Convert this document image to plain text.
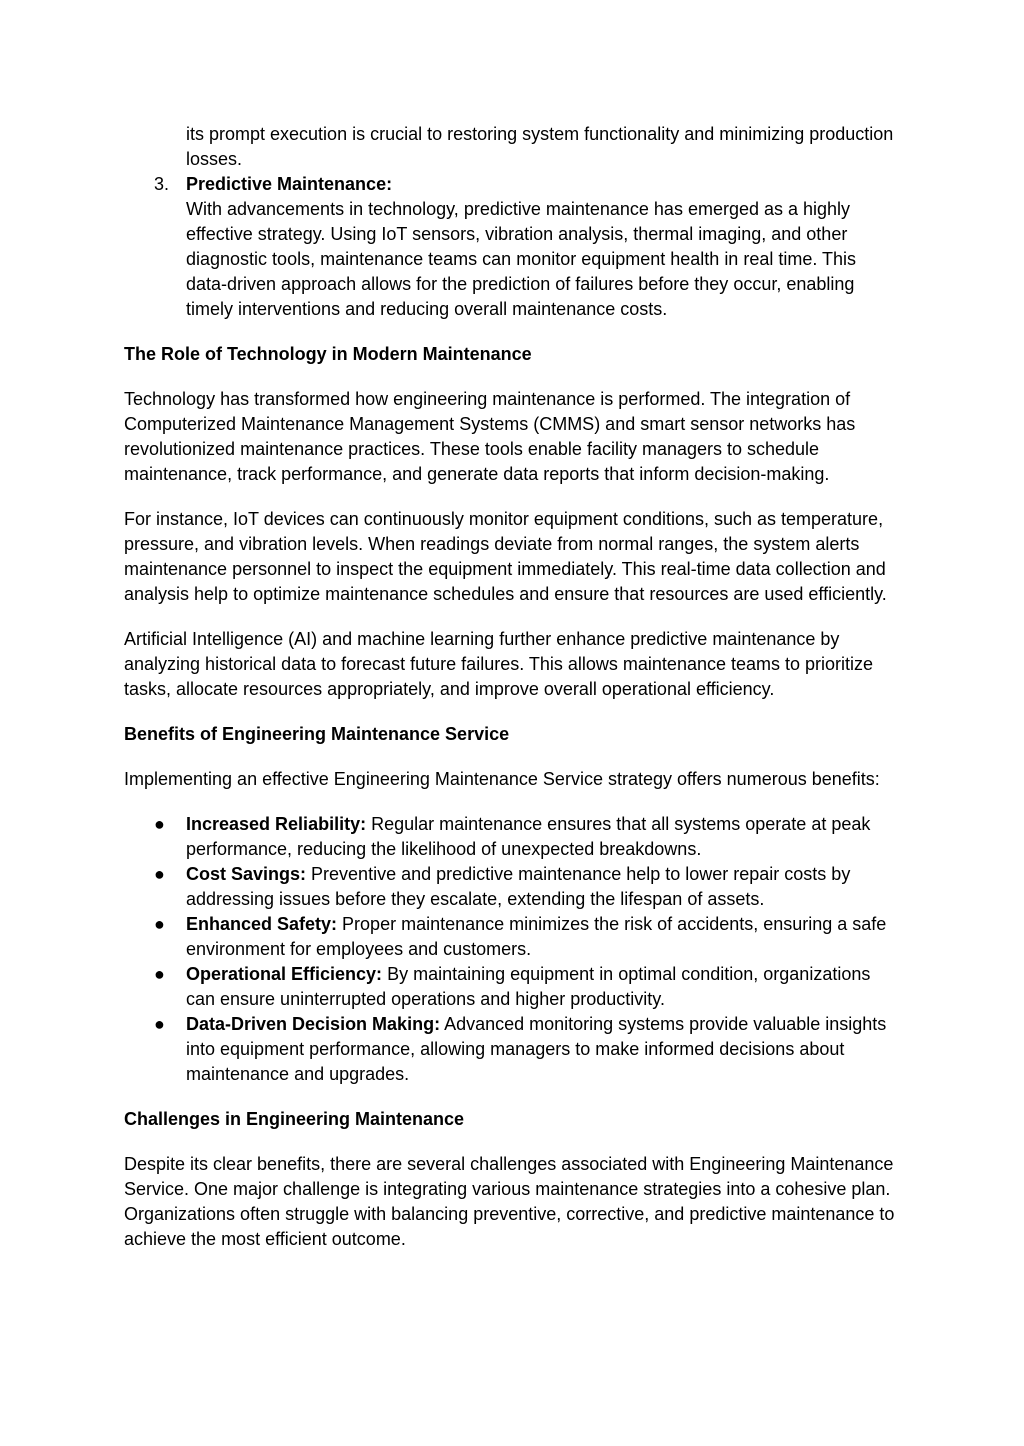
its prompt execution is crucial to restoring system functionality and minimizing production losses.
3. Predictive Maintenance:
With advancements in technology, predictive maintenance has emerged as a highly effective strategy. Using IoT sensors, vibration analysis, thermal imaging, and other diagnostic tools, maintenance teams can monitor equipment health in real time. This data-driven approach allows for the prediction of failures before they occur, enabling timely interventions and reducing overall maintenance costs.
The Role of Technology in Modern Maintenance
Technology has transformed how engineering maintenance is performed. The integration of Computerized Maintenance Management Systems (CMMS) and smart sensor networks has revolutionized maintenance practices. These tools enable facility managers to schedule maintenance, track performance, and generate data reports that inform decision-making.
For instance, IoT devices can continuously monitor equipment conditions, such as temperature, pressure, and vibration levels. When readings deviate from normal ranges, the system alerts maintenance personnel to inspect the equipment immediately. This real-time data collection and analysis help to optimize maintenance schedules and ensure that resources are used efficiently.
Artificial Intelligence (AI) and machine learning further enhance predictive maintenance by analyzing historical data to forecast future failures. This allows maintenance teams to prioritize tasks, allocate resources appropriately, and improve overall operational efficiency.
Benefits of Engineering Maintenance Service
Implementing an effective Engineering Maintenance Service strategy offers numerous benefits:
● Increased Reliability: Regular maintenance ensures that all systems operate at peak performance, reducing the likelihood of unexpected breakdowns.
● Cost Savings: Preventive and predictive maintenance help to lower repair costs by addressing issues before they escalate, extending the lifespan of assets.
● Enhanced Safety: Proper maintenance minimizes the risk of accidents, ensuring a safe environment for employees and customers.
● Operational Efficiency: By maintaining equipment in optimal condition, organizations can ensure uninterrupted operations and higher productivity.
● Data-Driven Decision Making: Advanced monitoring systems provide valuable insights into equipment performance, allowing managers to make informed decisions about maintenance and upgrades.
Challenges in Engineering Maintenance
Despite its clear benefits, there are several challenges associated with Engineering Maintenance Service. One major challenge is integrating various maintenance strategies into a cohesive plan. Organizations often struggle with balancing preventive, corrective, and predictive maintenance to achieve the most efficient outcome.
